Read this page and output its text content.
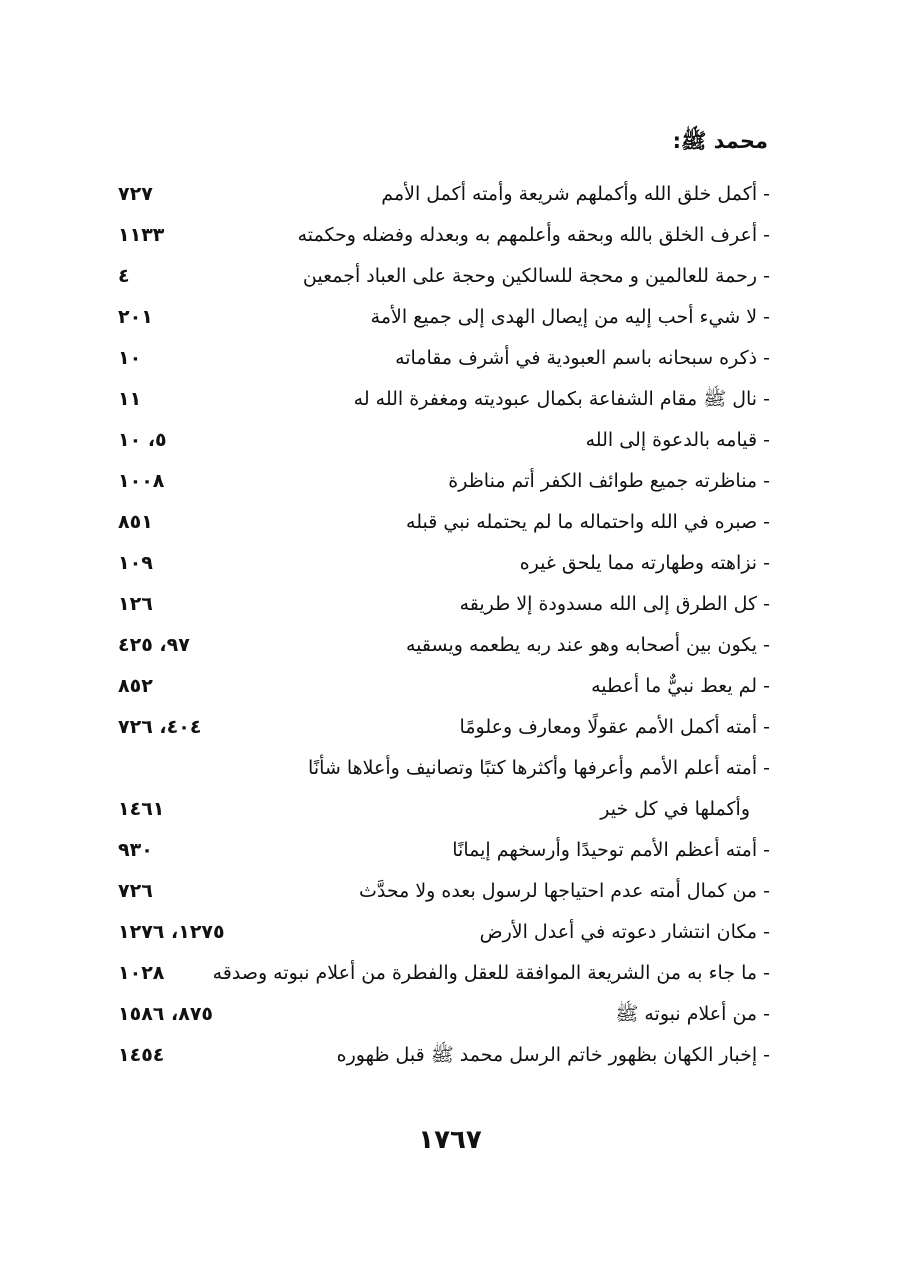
محمد ﷺ:
- أكمل خلق الله وأكملهم شريعة وأمته أكمل الأمم
٧٢٧
- أعرف الخلق بالله وبحقه وأعلمهم به وبعدله وفضله وحكمته
١١٣٣
- رحمة للعالمين و محجة للسالكين وحجة على العباد أجمعين
٤
- لا شيء أحب إليه من إيصال الهدى إلى جميع الأمة
٢٠١
- ذكره سبحانه باسم العبودية في أشرف مقاماته
١٠
- نال ﷺ مقام الشفاعة بكمال عبوديته ومغفرة الله له
١١
- قيامه بالدعوة إلى الله
٥، ١٠
- مناظرته جميع طوائف الكفر أتم مناظرة
١٠٠٨
- صبره في الله واحتماله ما لم يحتمله نبي قبله
٨٥١
- نزاهته وطهارته مما يلحق غيره
١٠٩
- كل الطرق إلى الله مسدودة إلا طريقه
١٢٦
- يكون بين أصحابه وهو عند ربه يطعمه ويسقيه
٩٧، ٤٢٥
- لم يعط نبيٌّ ما أعطيه
٨٥٢
- أمته أكمل الأمم عقولًا ومعارف وعلومًا
٤٠٤، ٧٢٦
- أمته أعلم الأمم وأعرفها وأكثرها كتبًا وتصانيف وأعلاها شأنًا
وأكملها في كل خير
١٤٦١
- أمته أعظم الأمم توحيدًا وأرسخهم إيمانًا
٩٣٠
- من كمال أمته عدم احتياجها لرسول بعده ولا محدَّث
٧٢٦
- مكان انتشار دعوته في أعدل الأرض
١٢٧٥، ١٢٧٦
- ما جاء به من الشريعة الموافقة للعقل والفطرة من أعلام نبوته وصدقه
١٠٢٨
- من أعلام نبوته ﷺ
٨٧٥، ١٥٨٦
- إخبار الكهان بظهور خاتم الرسل محمد ﷺ قبل ظهوره
١٤٥٤
١٧٦٧
